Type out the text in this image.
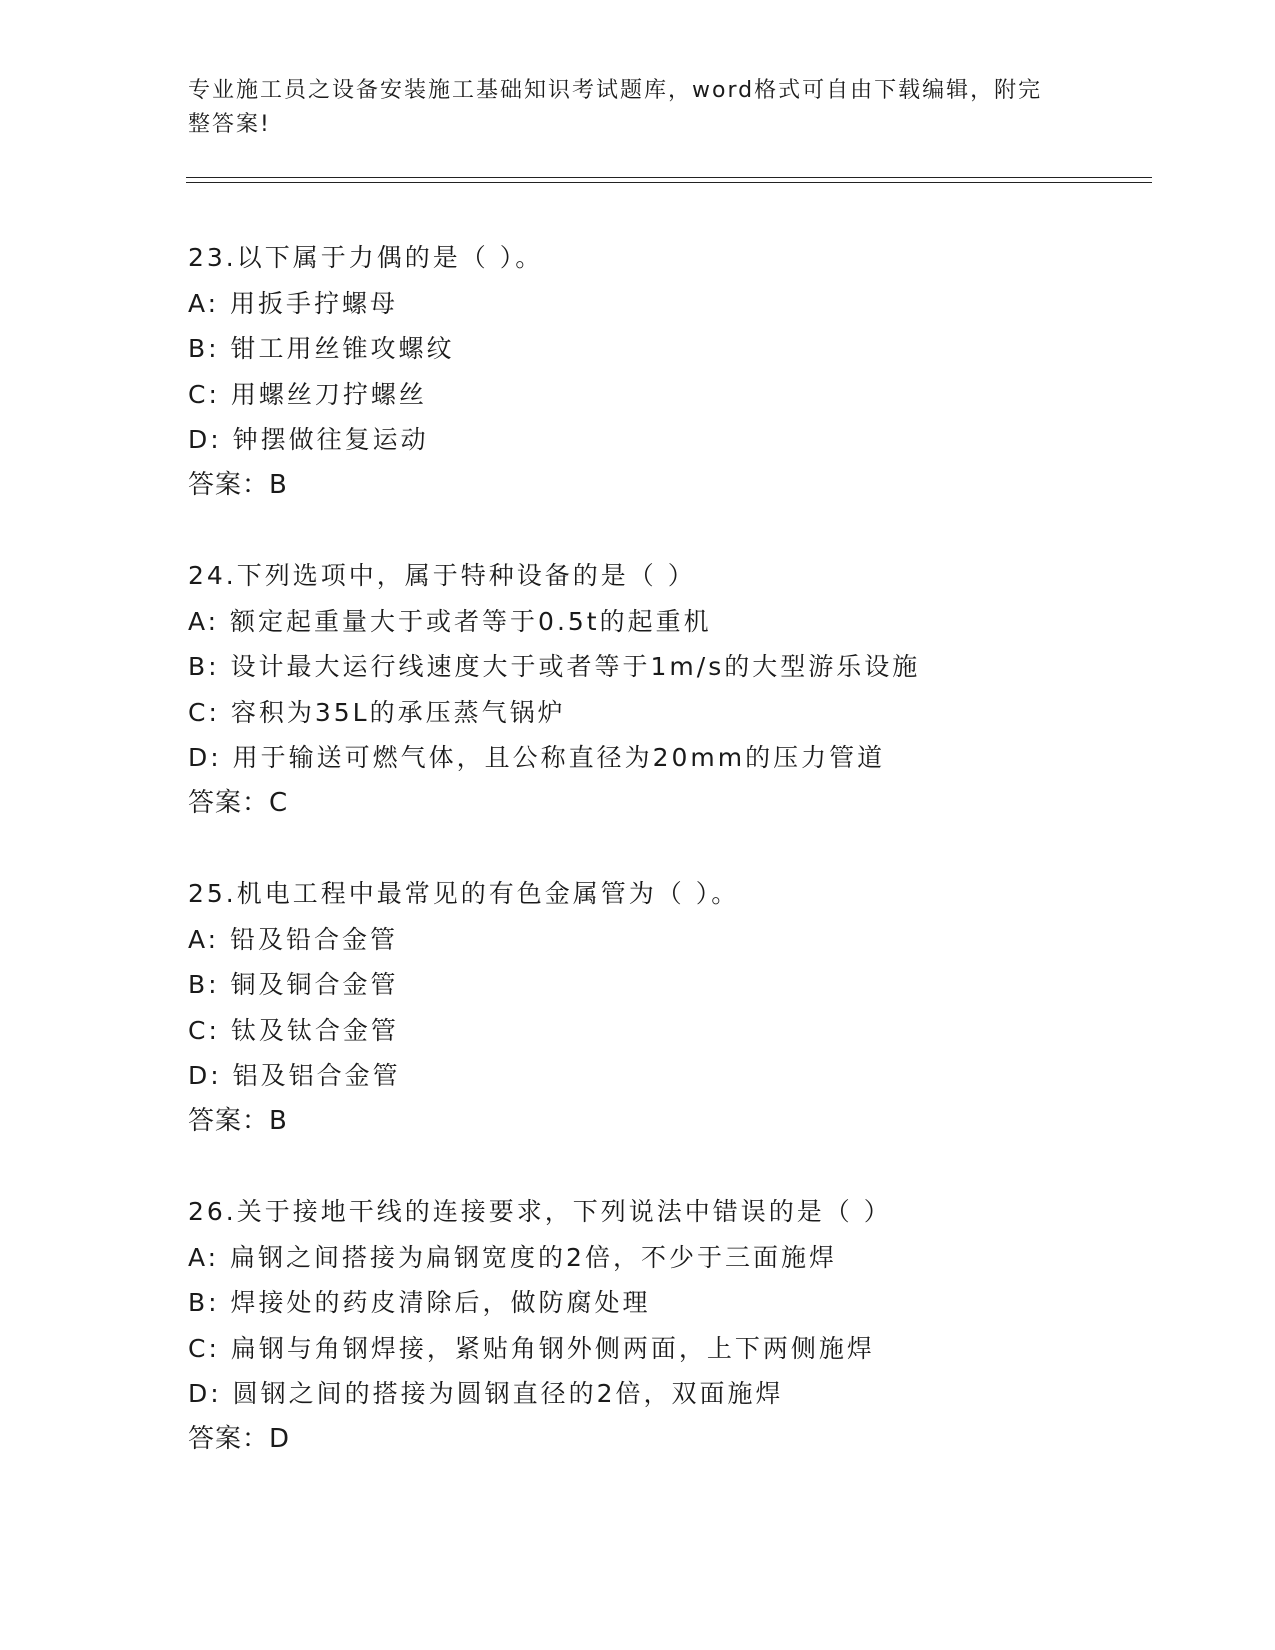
专业施工员之设备安装施工基础知识考试题库，word格式可自由下载编辑，附完
整答案!
23.以下属于力偶的是（ ）。
A: 用扳手拧螺母
B: 钳工用丝锥攻螺纹
C: 用螺丝刀拧螺丝
D: 钟摆做往复运动
答案：B
24.下列选项中，属于特种设备的是（ ）
A: 额定起重量大于或者等于0.5t的起重机
B: 设计最大运行线速度大于或者等于1m/s的大型游乐设施
C: 容积为35L的承压蒸气锅炉
D: 用于输送可燃气体，且公称直径为20mm的压力管道
答案：C
25.机电工程中最常见的有色金属管为（ ）。
A: 铅及铅合金管
B: 铜及铜合金管
C: 钛及钛合金管
D: 铝及铝合金管
答案：B
26.关于接地干线的连接要求，下列说法中错误的是（ ）
A: 扁钢之间搭接为扁钢宽度的2倍，不少于三面施焊
B: 焊接处的药皮清除后，做防腐处理
C: 扁钢与角钢焊接，紧贴角钢外侧两面，上下两侧施焊
D: 圆钢之间的搭接为圆钢直径的2倍，双面施焊
答案：D
